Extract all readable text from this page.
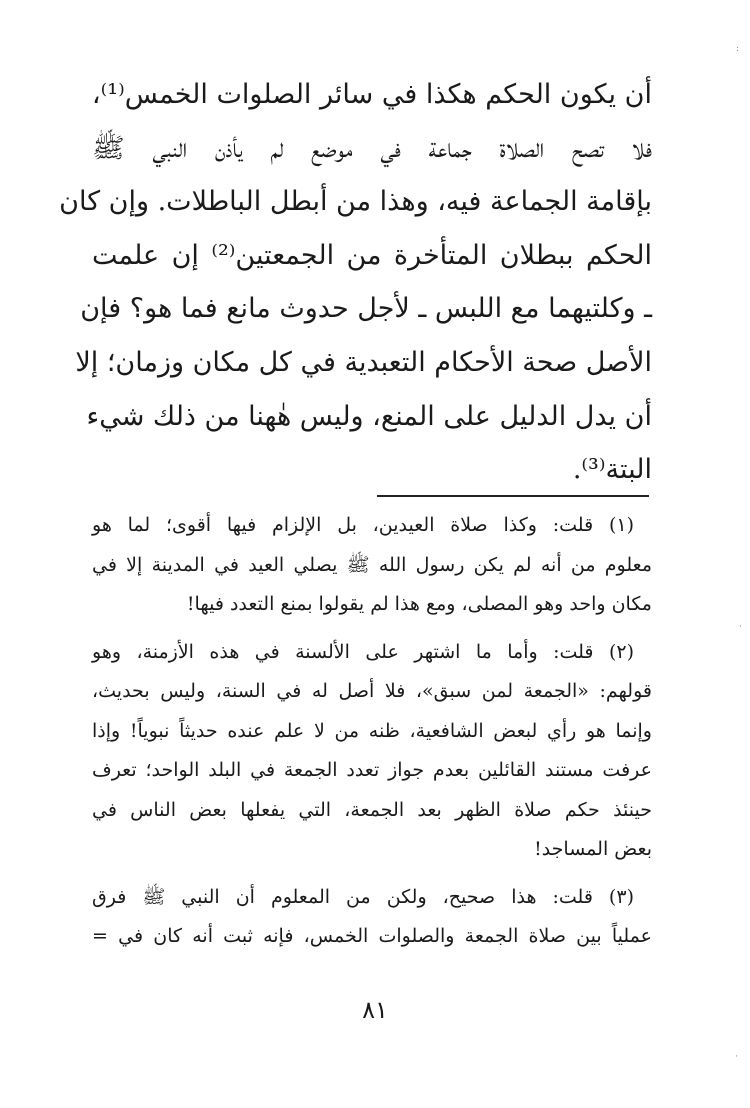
أن يكون الحكم هكذا في سائر الصلوات الخمس⁽¹⁾،
فلا تصح الصلاة جماعة في موضع لم يأذن النبي ﷺ
بإقامة الجماعة فيه، وهذا من أبطل الباطلات. وإن كان
الحكم ببطلان المتأخرة من الجمعتين⁽²⁾ إن علمت
ـ وكلتيهما مع اللبس ـ لأجل حدوث مانع فما هو؟ فإن
الأصل صحة الأحكام التعبدية في كل مكان وزمان؛ إلا
أن يدل الدليل على المنع، وليس هٰهنا من ذلك شيء
البتة⁽³⁾.
(١) قلت: وكذا صلاة العيدين، بل الإلزام فيها أقوى؛ لما هو
معلوم من أنه لم يكن رسول الله ﷺ يصلي العيد في المدينة إلا في
مكان واحد وهو المصلى، ومع هذا لم يقولوا بمنع التعدد فيها!
(٢) قلت: وأما ما اشتهر على الألسنة في هذه الأزمنة، وهو
قولهم: «الجمعة لمن سبق»، فلا أصل له في السنة، وليس بحديث،
وإنما هو رأي لبعض الشافعية، ظنه من لا علم عنده حديثاً نبوياً! وإذا
عرفت مستند القائلين بعدم جواز تعدد الجمعة في البلد الواحد؛ تعرف
حينئذ حكم صلاة الظهر بعد الجمعة، التي يفعلها بعض الناس في
بعض المساجد!
(٣) قلت: هذا صحيح، ولكن من المعلوم أن النبي ﷺ فرق
عملياً بين صلاة الجمعة والصلوات الخمس، فإنه ثبت أنه كان في =
٨١
:
·
·
